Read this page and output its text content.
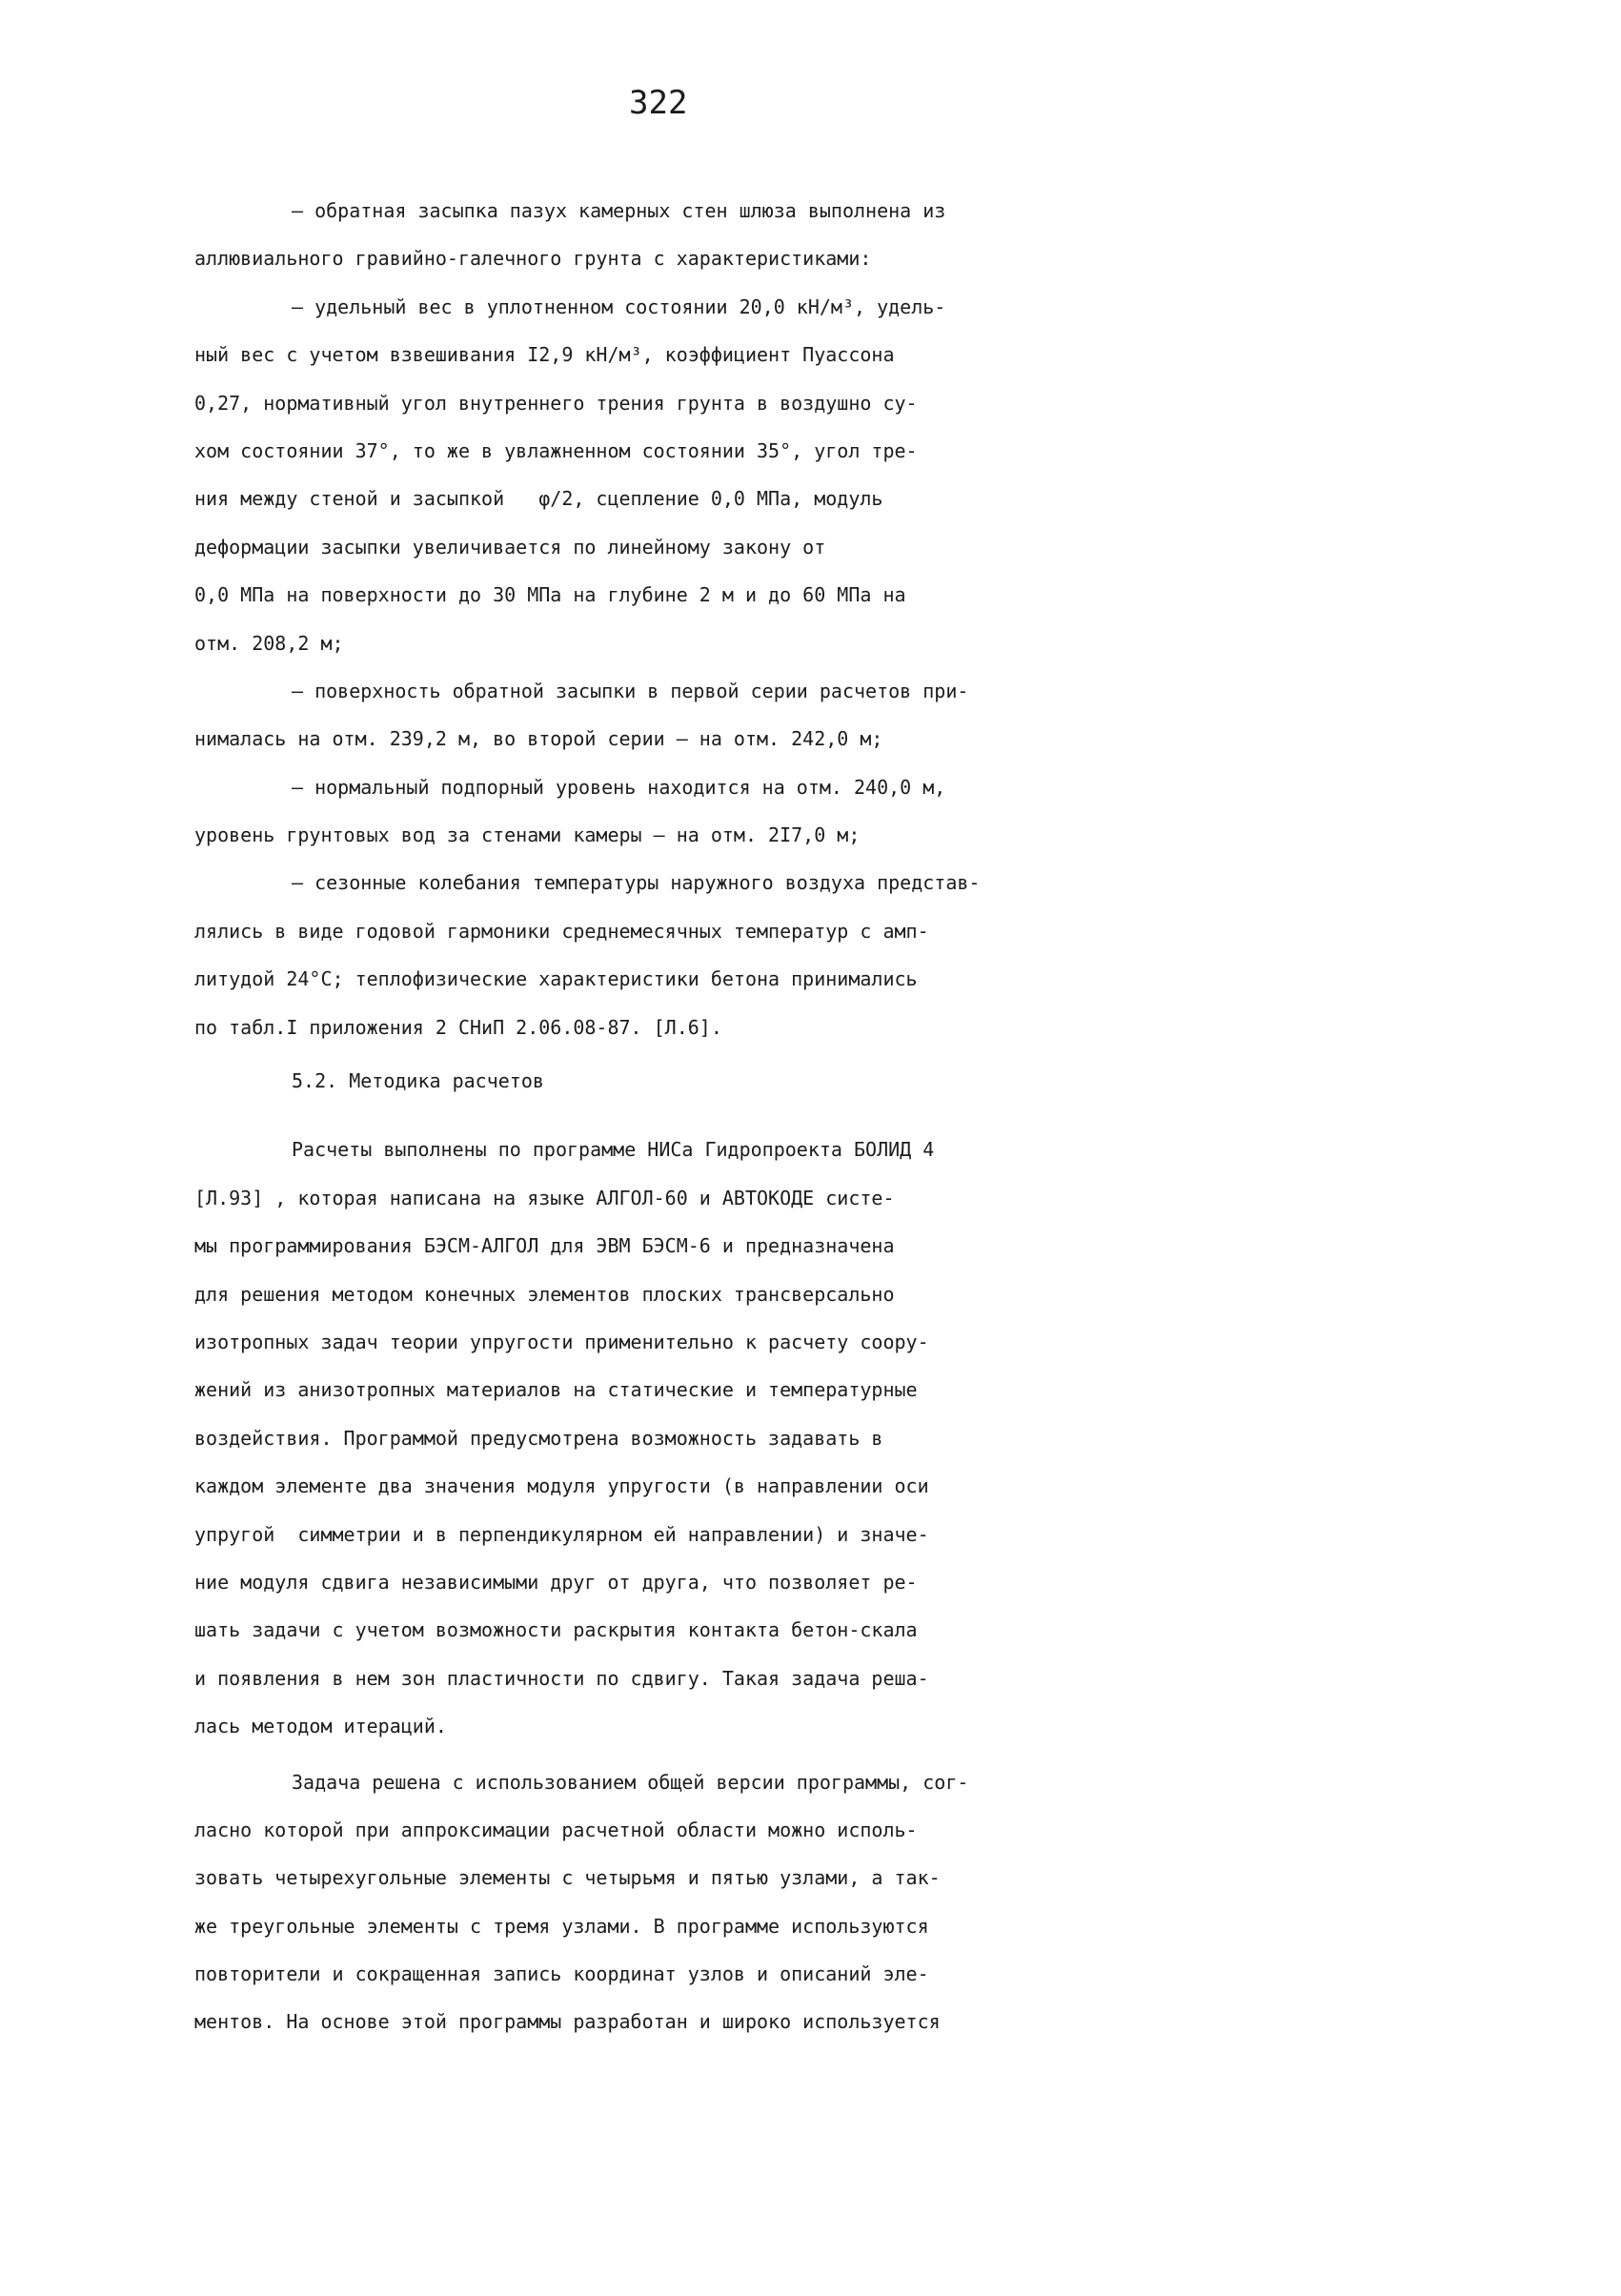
322
– обратная засыпка пазух камерных стен шлюза выполнена из
аллювиального гравийно-галечного грунта с характеристиками:
– удельный вес в уплотненном состоянии 20,0 кН/м³, удель-
ный вес с учетом взвешивания I2,9 кН/м³, коэффициент Пуассона
0,27, нормативный угол внутреннего трения грунта в воздушно су-
хом состоянии 37°, то же в увлажненном состоянии 35°, угол тре-
ния между стеной и засыпкой   φ/2, сцепление 0,0 МПа, модуль
деформации засыпки увеличивается по линейному закону от
0,0 МПа на поверхности до 30 МПа на глубине 2 м и до 60 МПа на
отм. 208,2 м;
– поверхность обратной засыпки в первой серии расчетов при-
нималась на отм. 239,2 м, во второй серии – на отм. 242,0 м;
– нормальный подпорный уровень находится на отм. 240,0 м,
уровень грунтовых вод за стенами камеры – на отм. 2I7,0 м;
– сезонные колебания температуры наружного воздуха представ-
лялись в виде годовой гармоники среднемесячных температур с амп-
литудой 24°С; теплофизические характеристики бетона принимались
по табл.I приложения 2 СНиП 2.06.08-87. [Л.6].
5.2. Методика расчетов
Расчеты выполнены по программе НИСа Гидропроекта БОЛИД 4
[Л.93] , которая написана на языке АЛГОЛ-60 и АВТОКОДЕ систе-
мы программирования БЭСМ-АЛГОЛ для ЭВМ БЭСМ-6 и предназначена
для решения методом конечных элементов плоских трансверсально
изотропных задач теории упругости применительно к расчету соору-
жений из анизотропных материалов на статические и температурные
воздействия. Программой предусмотрена возможность задавать в
каждом элементе два значения модуля упругости (в направлении оси
упругой  симметрии и в перпендикулярном ей направлении) и значе-
ние модуля сдвига независимыми друг от друга, что позволяет ре-
шать задачи с учетом возможности раскрытия контакта бетон-скала
и появления в нем зон пластичности по сдвигу. Такая задача реша-
лась методом итераций.
Задача решена с использованием общей версии программы, сог-
ласно которой при аппроксимации расчетной области можно исполь-
зовать четырехугольные элементы с четырьмя и пятью узлами, а так-
же треугольные элементы с тремя узлами. В программе используются
повторители и сокращенная запись координат узлов и описаний эле-
ментов. На основе этой программы разработан и широко используется
